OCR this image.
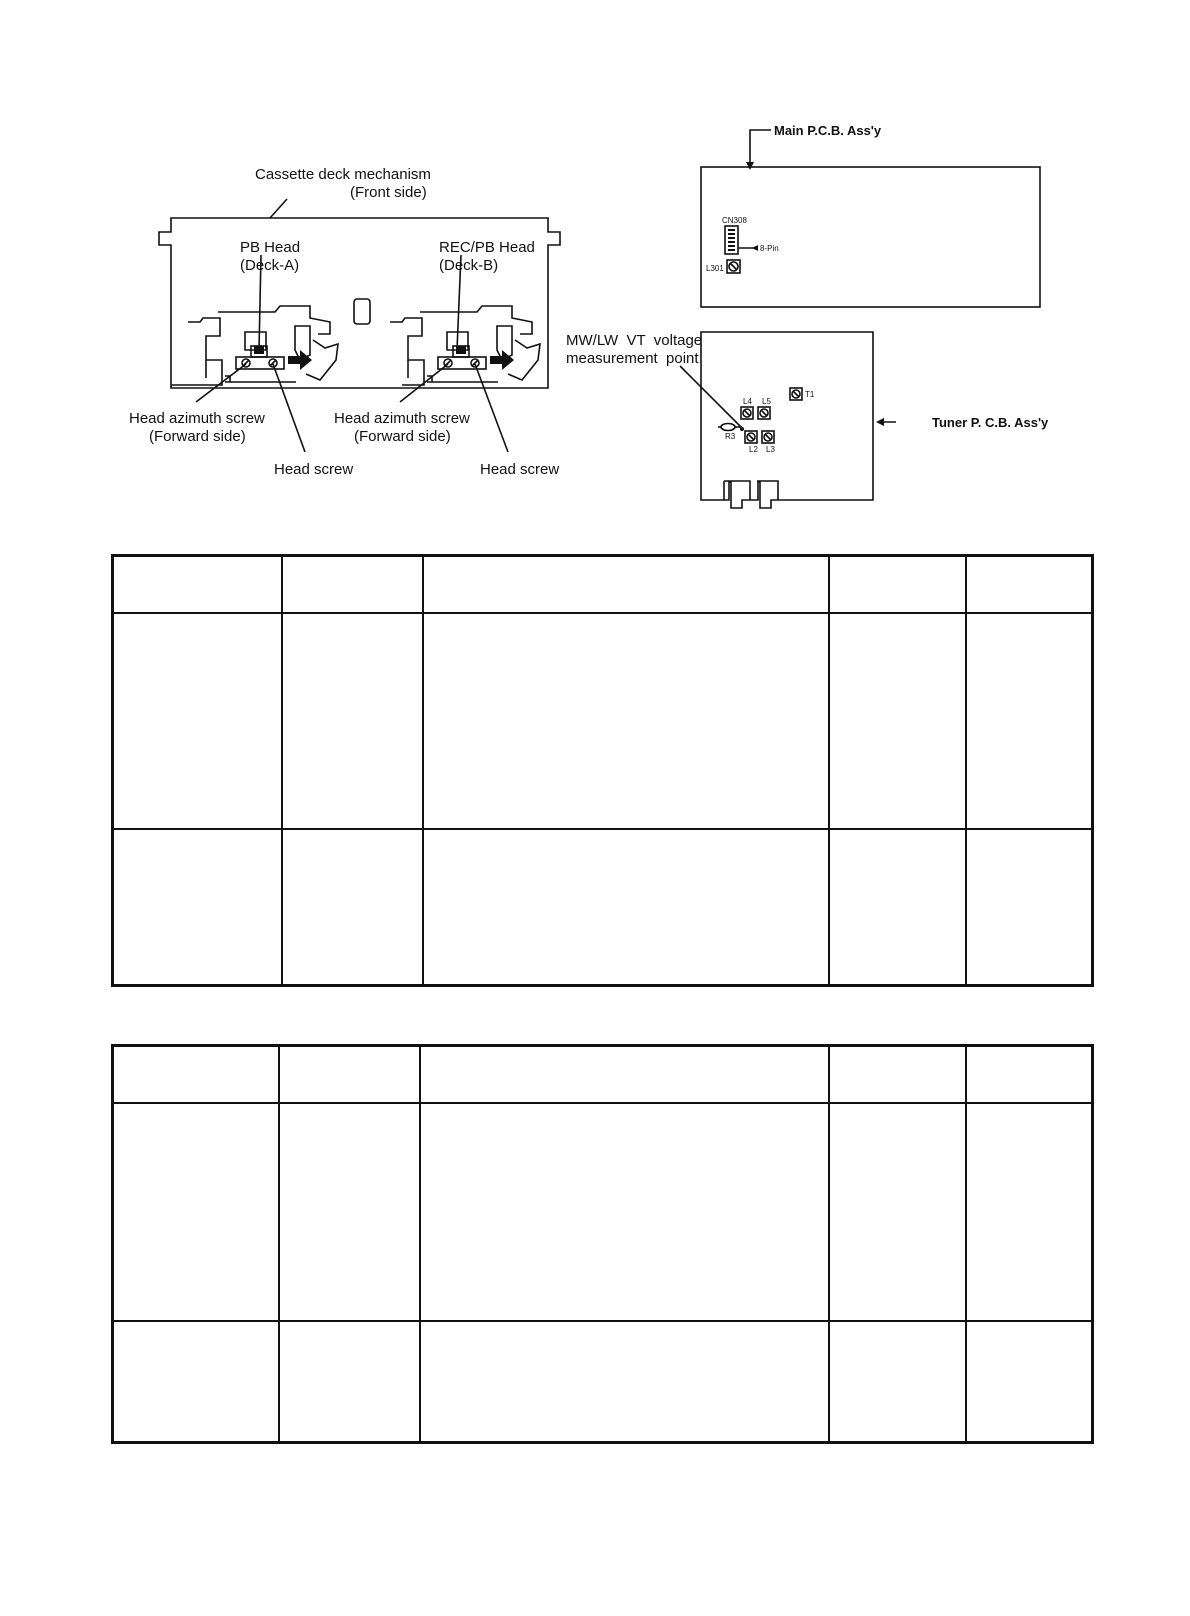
Cassette deck mechanism
(Front side)
PB Head
(Deck-A)
REC/PB Head
(Deck-B)
Head azimuth screw
(Forward side)
Head azimuth screw
(Forward side)
Head screw	Head screw
Main P.C.B. Ass'y
CN308
8-Pin
L301
MW/LW  VT  voltage
measurement  point
Tuner P. C.B. Ass'y
T1
L4 L5
R3
L2 L3
